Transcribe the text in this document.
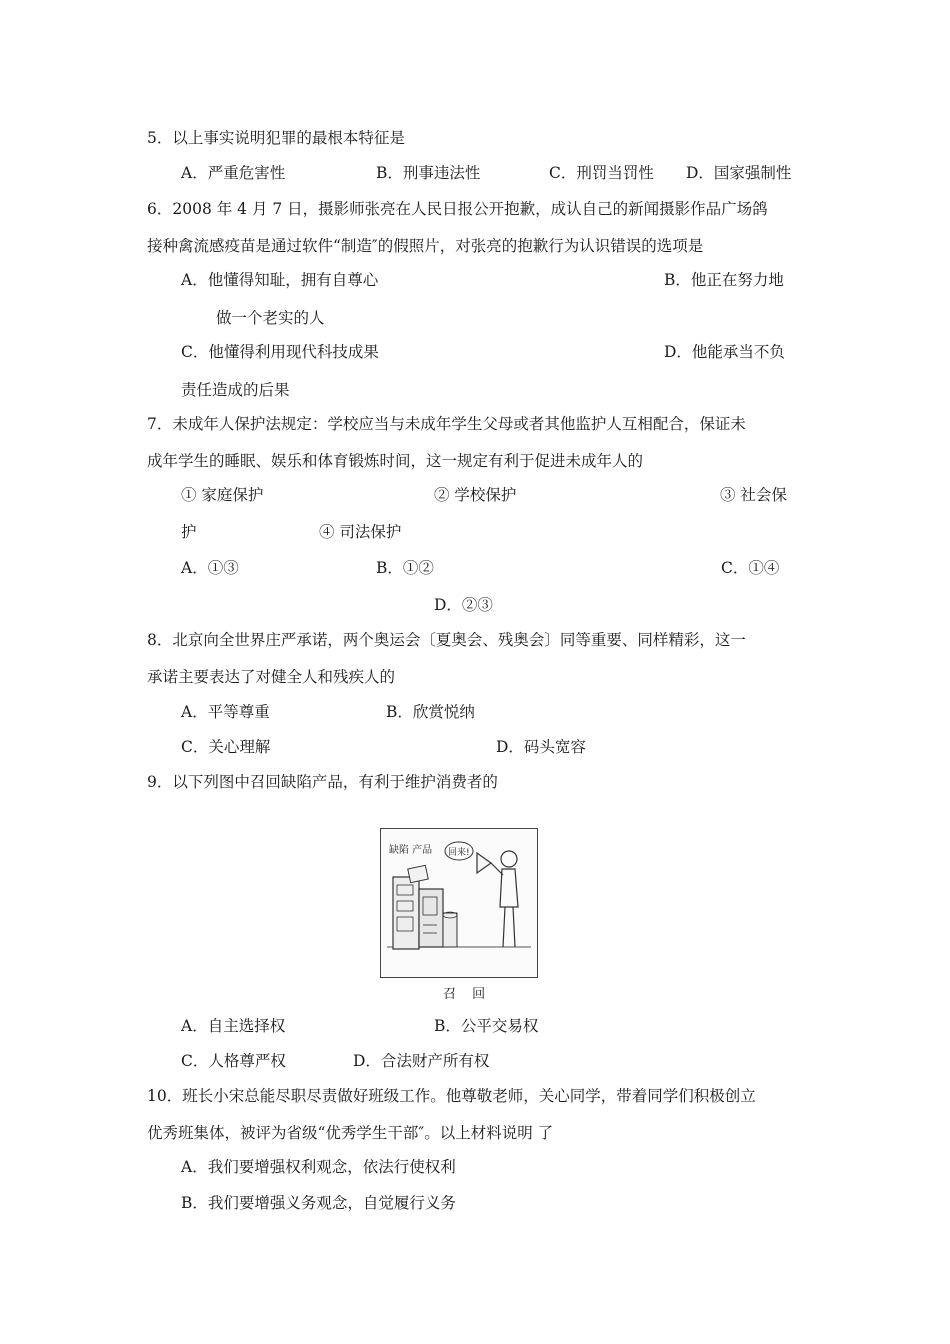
5．以上事实说明犯罪的最根本特征是
A．严重危害性	B．刑事违法性	C．刑罚当罚性 D．国家强制性
6．2008 年 4 月 7 日，摄影师张亮在人民日报公开抱歉，成认自己的新闻摄影作品广场鸽
接种禽流感疫苗是通过软件“制造″的假照片，对张亮的抱歉行为认识错误的选项是
A．他懂得知耻，拥有自尊心	B．他正在努力地
做一个老实的人
C．他懂得利用现代科技成果	D．他能承当不负
责任造成的后果
7．未成年人保护法规定：学校应当与未成年学生父母或者其他监护人互相配合，保证未
成年学生的睡眠、娱乐和体育锻炼时间，这一规定有利于促进未成年人的
① 家庭保护	② 学校保护	③ 社会保
护	④ 司法保护
A．①③	B．①②	C．①④
D．②③
8．北京向全世界庄严承诺，两个奥运会〔夏奥会、残奥会〕同等重要、同样精彩，这一
承诺主要表达了对健全人和残疾人的
A．平等尊重	B．欣赏悦纳
C．关心理解	D．码头宽容
9．以下列图中召回缺陷产品，有利于维护消费者的
缺陷 产品 回来!
召 回
A．自主选择权	B．公平交易权
C．人格尊严权	D．合法财产所有权
10．班长小宋总能尽职尽责做好班级工作。他尊敬老师，关心同学，带着同学们积极创立
优秀班集体，被评为省级“优秀学生干部″。以上材料说明 了
A．我们要增强权利观念，依法行使权利
B．我们要增强义务观念，自觉履行义务
